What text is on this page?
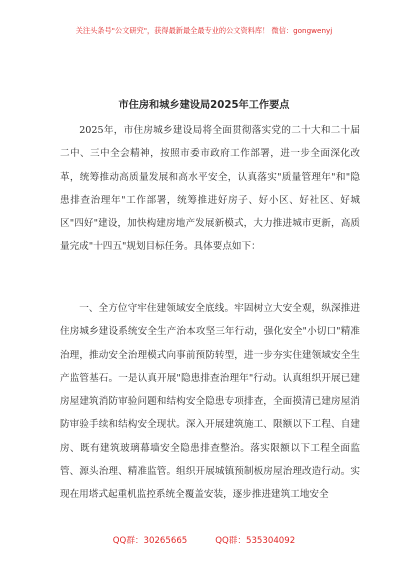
关注头条号"公文研究"，获得最新最全最专业的公文资料库！ 微信：gongwenyj
市住房和城乡建设局2025年工作要点

2025年，市住房城乡建设局将全面贯彻落实党的二十大和二十届二中、三中全会精神，按照市委市政府工作部署，进一步全面深化改革，统筹推动高质量发展和高水平安全，认真落实"质量管理年"和"隐患排查治理年"工作部署，统筹推进好房子、好小区、好社区、好城区"四好"建设，加快构建房地产发展新模式，大力推进城市更新，高质量完成"十四五"规划目标任务。具体要点如下：

一、全方位守牢住建领域安全底线。牢固树立大安全观，纵深推进住房城乡建设系统安全生产治本攻坚三年行动，强化安全"小切口"精准治理，推动安全治理模式向事前预防转型，进一步夯实住建领域安全生产监管基石。一是认真开展"隐患排查治理年"行动。认真组织开展已建房屋建筑消防审验问题和结构安全隐患专项排查，全面摸清已建房屋消防审验手续和结构安全现状。深入开展建筑施工、限额以下工程、自建房、既有建筑玻璃幕墙安全隐患排查整治。落实限额以下工程全面监管、源头治理、精准监管。组织开展城镇预制板房屋治理改造行动。实现在用塔式起重机监控系统全覆盖安装，逐步推进建筑工地安全

QQ群：30265665	QQ群：535304092
